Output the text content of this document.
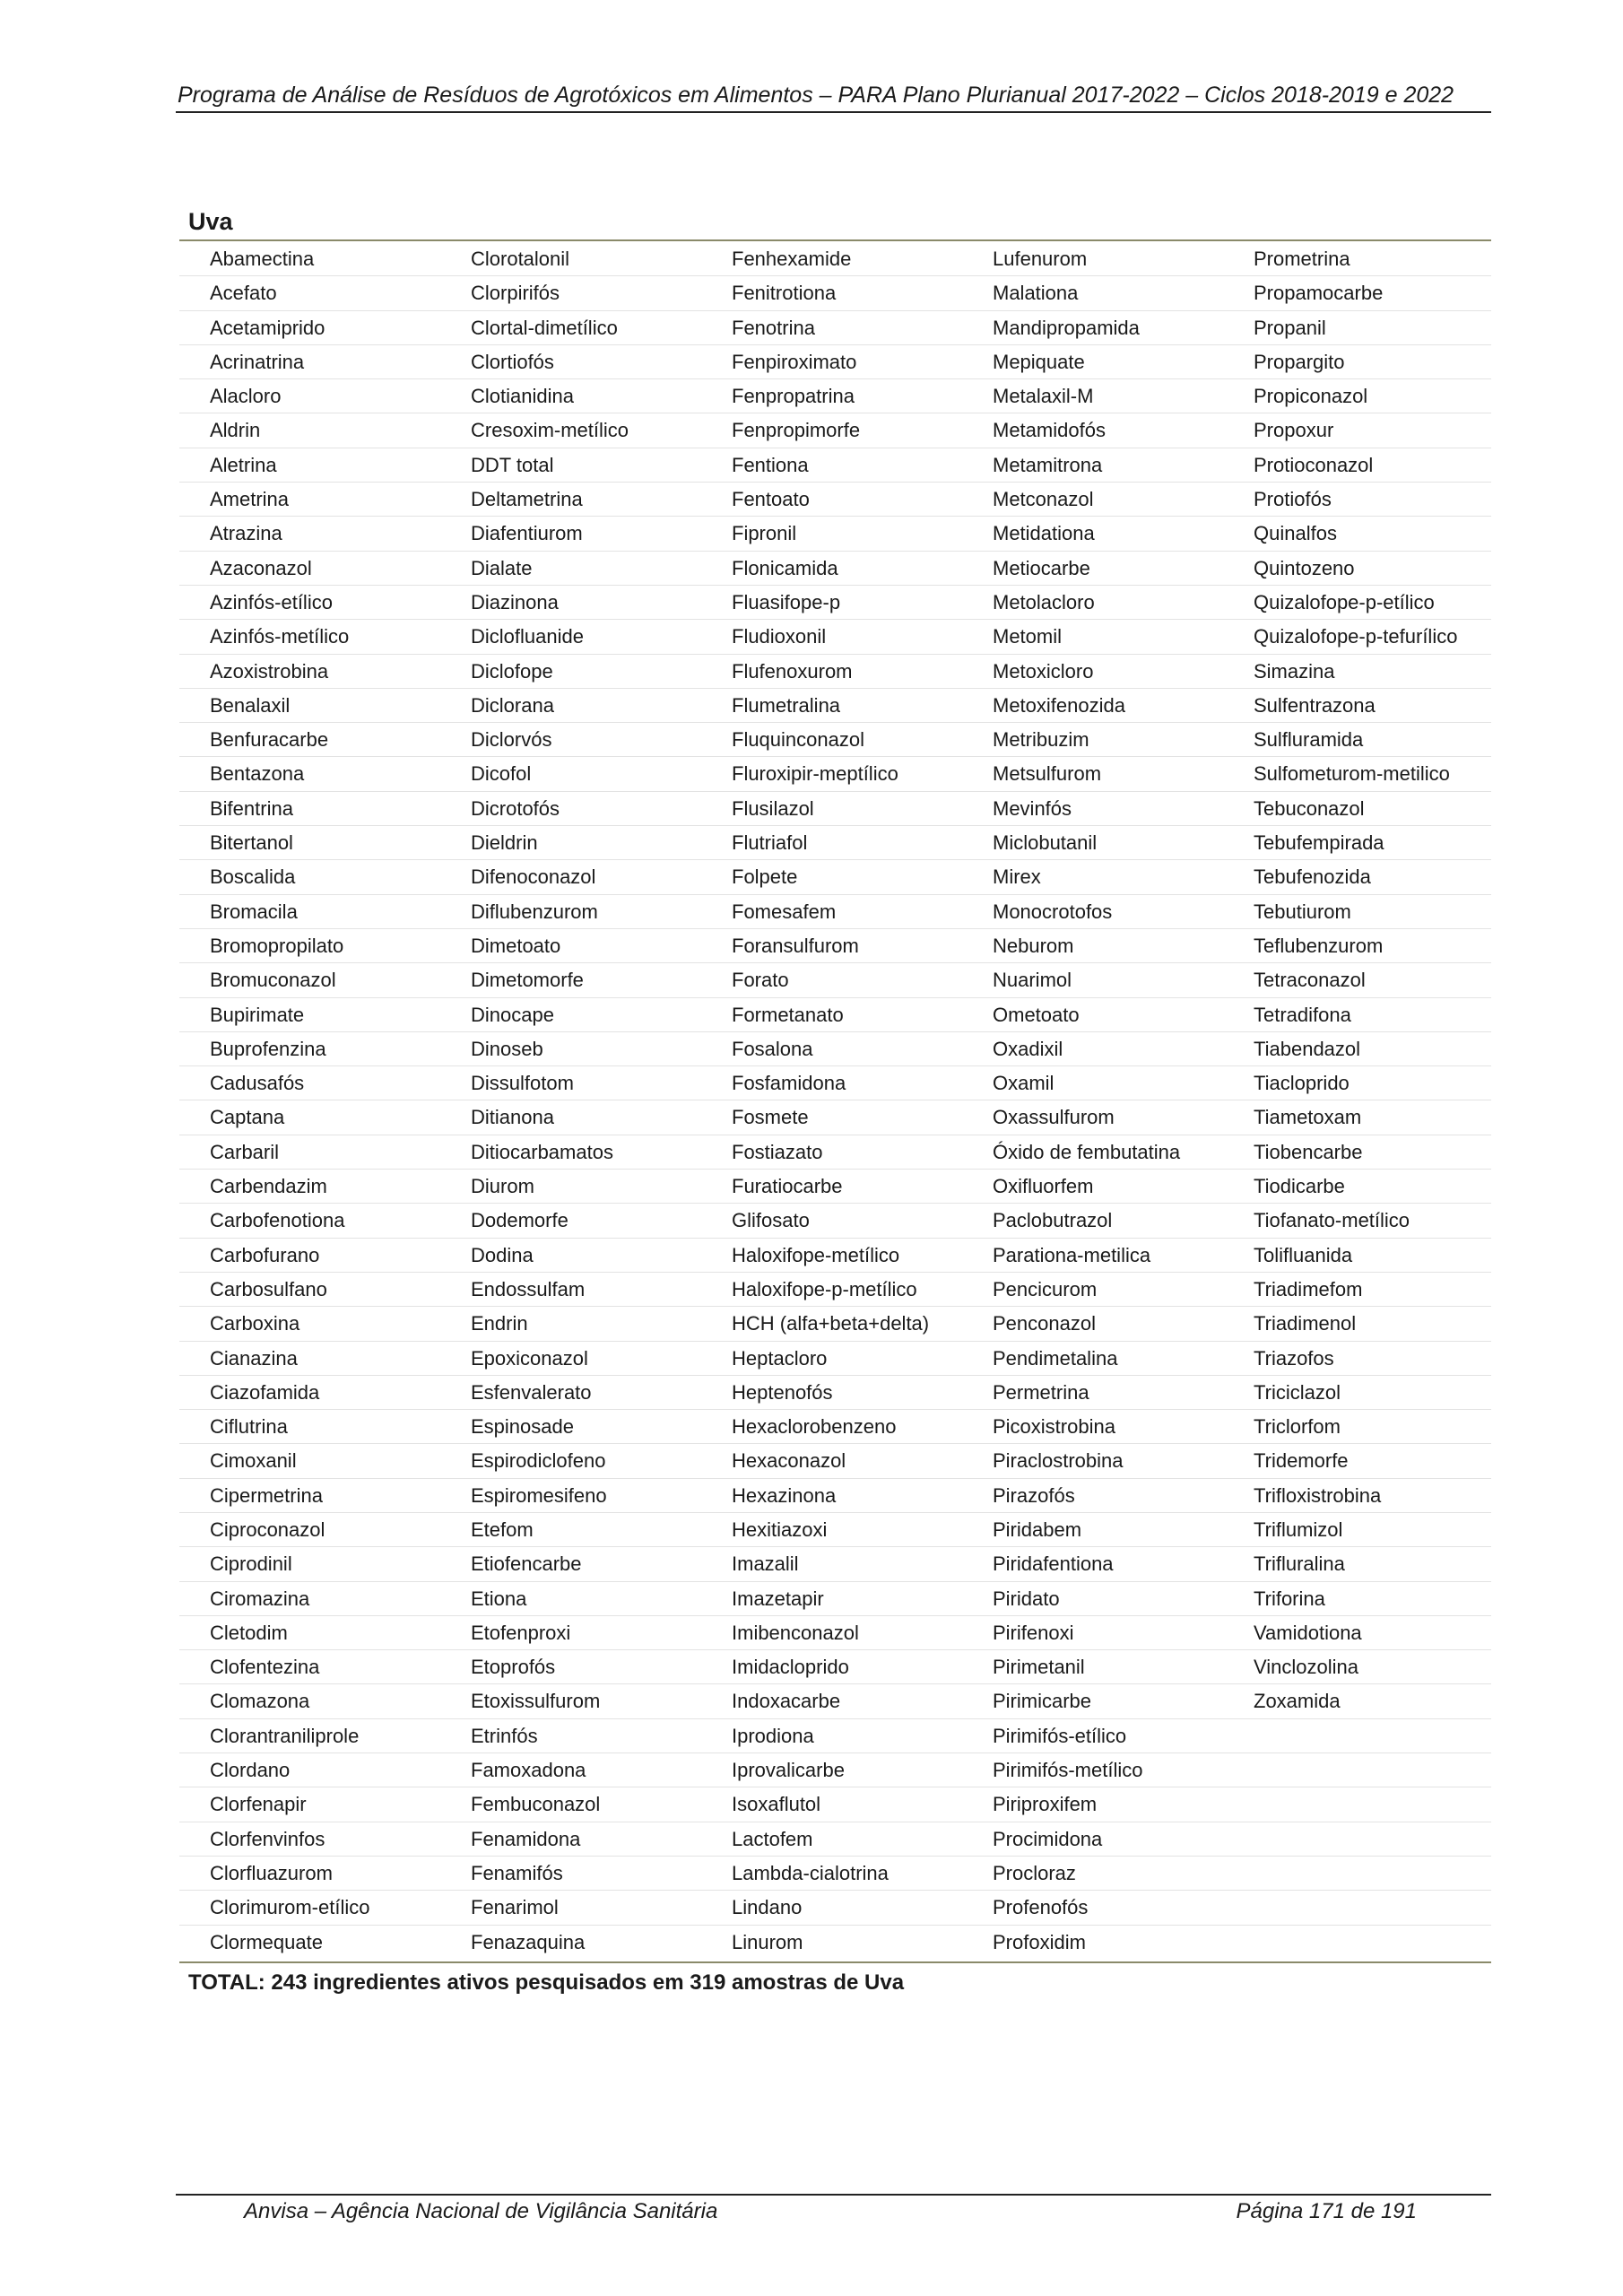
Programa de Análise de Resíduos de Agrotóxicos em Alimentos – PARA Plano Plurianual 2017-2022 – Ciclos 2018-2019 e 2022
Uva
Abamectina	Clorotalonil	Fenhexamide	Lufenurom	Prometrina
Acefato	Clorpirifós	Fenitrotiona	Malationa	Propamocarbe
Acetamiprido	Clortal-dimetílico	Fenotrina	Mandipropamida	Propanil
Acrinatrina	Clortiofós	Fenpiroximato	Mepiquate	Propargito
Alacloro	Clotianidina	Fenpropatrina	Metalaxil-M	Propiconazol
Aldrin	Cresoxim-metílico	Fenpropimorfe	Metamidofós	Propoxur
Aletrina	DDT total	Fentiona	Metamitrona	Protioconazol
Ametrina	Deltametrina	Fentoato	Metconazol	Protiofós
Atrazina	Diafentiurom	Fipronil	Metidationa	Quinalfos
Azaconazol	Dialate	Flonicamida	Metiocarbe	Quintozeno
Azinfós-etílico	Diazinona	Fluasifope-p	Metolacloro	Quizalofope-p-etílico
Azinfós-metílico	Diclofluanide	Fludioxonil	Metomil	Quizalofope-p-tefurílico
Azoxistrobina	Diclofope	Flufenoxurom	Metoxicloro	Simazina
Benalaxil	Diclorana	Flumetralina	Metoxifenozida	Sulfentrazona
Benfuracarbe	Diclorvós	Fluquinconazol	Metribuzim	Sulfluramida
Bentazona	Dicofol	Fluroxipir-meptílico	Metsulfurom	Sulfometurom-metilico
Bifentrina	Dicrotofós	Flusilazol	Mevinfós	Tebuconazol
Bitertanol	Dieldrin	Flutriafol	Miclobutanil	Tebufempirada
Boscalida	Difenoconazol	Folpete	Mirex	Tebufenozida
Bromacila	Diflubenzurom	Fomesafem	Monocrotofos	Tebutiurom
Bromopropilato	Dimetoato	Foransulfurom	Neburom	Teflubenzurom
Bromuconazol	Dimetomorfe	Forato	Nuarimol	Tetraconazol
Bupirimate	Dinocape	Formetanato	Ometoato	Tetradifona
Buprofenzina	Dinoseb	Fosalona	Oxadixil	Tiabendazol
Cadusafós	Dissulfotom	Fosfamidona	Oxamil	Tiacloprido
Captana	Ditianona	Fosmete	Oxassulfurom	Tiametoxam
Carbaril	Ditiocarbamatos	Fostiazato	Óxido de fembutatina	Tiobencarbe
Carbendazim	Diurom	Furatiocarbe	Oxifluorfem	Tiodicarbe
Carbofenotiona	Dodemorfe	Glifosato	Paclobutrazol	Tiofanato-metílico
Carbofurano	Dodina	Haloxifope-metílico	Parationa-metilica	Tolifluanida
Carbosulfano	Endossulfam	Haloxifope-p-metílico	Pencicurom	Triadimefom
Carboxina	Endrin	HCH (alfa+beta+delta)	Penconazol	Triadimenol
Cianazina	Epoxiconazol	Heptacloro	Pendimetalina	Triazofos
Ciazofamida	Esfenvalerato	Heptenofós	Permetrina	Triciclazol
Ciflutrina	Espinosade	Hexaclorobenzeno	Picoxistrobina	Triclorfom
Cimoxanil	Espirodiclofeno	Hexaconazol	Piraclostrobina	Tridemorfe
Cipermetrina	Espiromesifeno	Hexazinona	Pirazofós	Trifloxistrobina
Ciproconazol	Etefom	Hexitiazoxi	Piridabem	Triflumizol
Ciprodinil	Etiofencarbe	Imazalil	Piridafentiona	Trifluralina
Ciromazina	Etiona	Imazetapir	Piridato	Triforina
Cletodim	Etofenproxi	Imibenconazol	Pirifenoxi	Vamidotiona
Clofentezina	Etoprofós	Imidacloprido	Pirimetanil	Vinclozolina
Clomazona	Etoxissulfurom	Indoxacarbe	Pirimicarbe	Zoxamida
Clorantraniliprole	Etrinfós	Iprodiona	Pirimifós-etílico
Clordano	Famoxadona	Iprovalicarbe	Pirimifós-metílico
Clorfenapir	Fembuconazol	Isoxaflutol	Piriproxifem
Clorfenvinfos	Fenamidona	Lactofem	Procimidona
Clorfluazurom	Fenamifós	Lambda-cialotrina	Procloraz
Clorimurom-etílico	Fenarimol	Lindano	Profenofós
Clormequate	Fenazaquina	Linurom	Profoxidim
TOTAL: 243 ingredientes ativos pesquisados em 319 amostras de Uva
Anvisa – Agência Nacional de Vigilância Sanitária	Página 171 de 191
